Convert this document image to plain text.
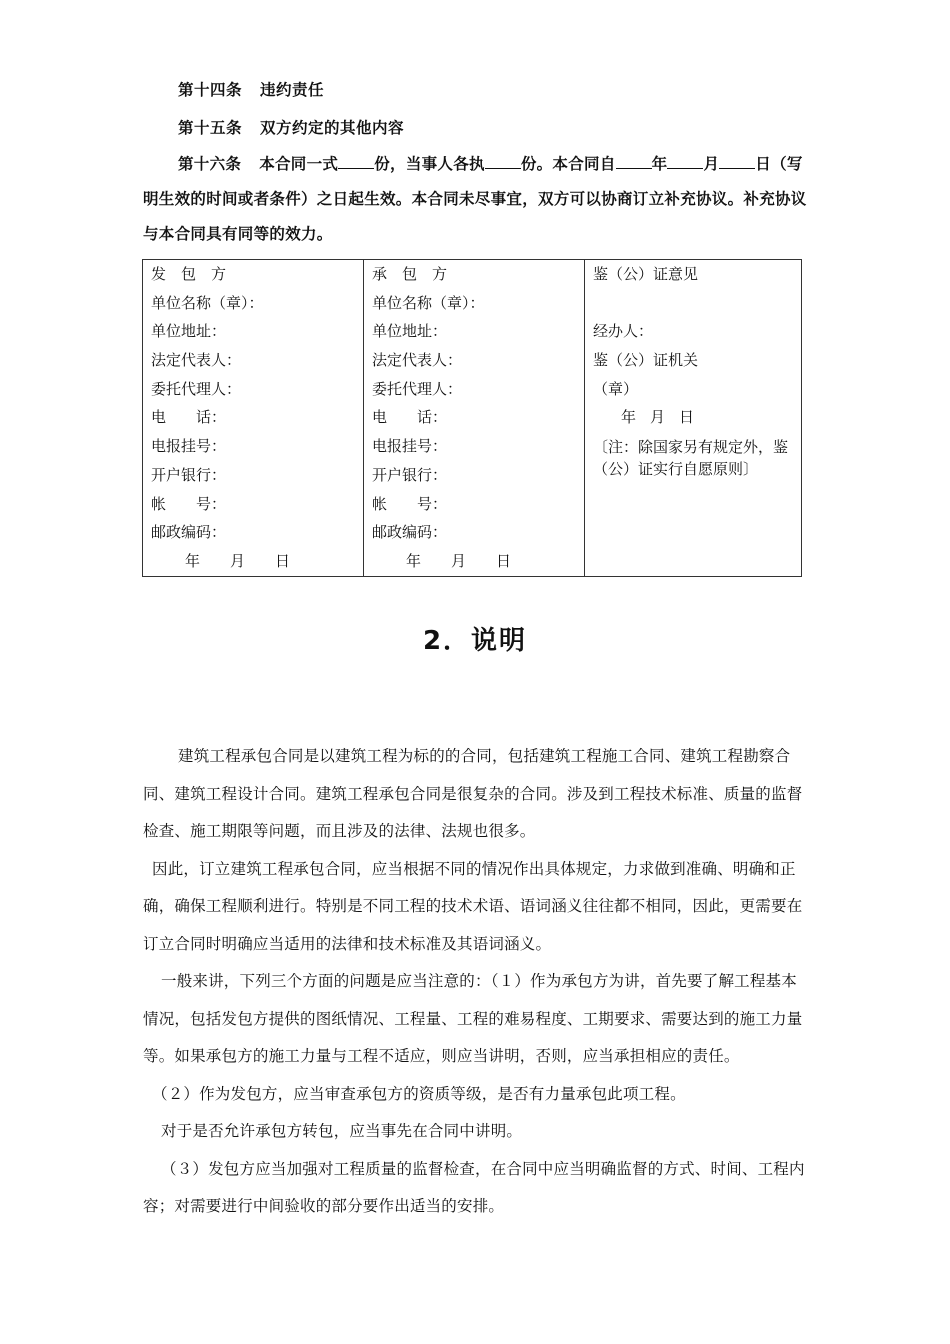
第十四条 违约责任
第十五条 双方约定的其他内容
第十六条 本合同一式 份，当事人各执 份。本合同自 年 月 日（写明生效的时间或者条件）之日起生效。本合同未尽事宜，双方可以协商订立补充协议。补充协议与本合同具有同等的效力。
发　包　方
单位名称（章）：
单位地址：
法定代表人：
委托代理人：
电　　话：
电报挂号：
开户银行：
帐　　号：
邮政编码：
年 月 日

承　包　方
单位名称（章）：
单位地址：
法定代表人：
委托代理人：
电　　话：
电报挂号：
开户银行：
帐　　号：
邮政编码：
年 月 日

鉴（公）证意见
经办人：
鉴（公）证机关
（章）
年 月 日
〔注：除国家另有规定外，鉴（公）证实行自愿原则〕
2．说明

建筑工程承包合同是以建筑工程为标的的合同，包括建筑工程施工合同、建筑工程勘察合同、建筑工程设计合同。建筑工程承包合同是很复杂的合同。涉及到工程技术标准、质量的监督检查、施工期限等问题，而且涉及的法律、法规也很多。

因此，订立建筑工程承包合同，应当根据不同的情况作出具体规定，力求做到准确、明确和正确，确保工程顺利进行。特别是不同工程的技术术语、语词涵义往往都不相同，因此，更需要在订立合同时明确应当适用的法律和技术标准及其语词涵义。

一般来讲，下列三个方面的问题是应当注意的：（１）作为承包方为讲，首先要了解工程基本情况，包括发包方提供的图纸情况、工程量、工程的难易程度、工期要求、需要达到的施工力量等。如果承包方的施工力量与工程不适应，则应当讲明，否则，应当承担相应的责任。

（２）作为发包方，应当审查承包方的资质等级，是否有力量承包此项工程。

对于是否允许承包方转包，应当事先在合同中讲明。

（３）发包方应当加强对工程质量的监督检查，在合同中应当明确监督的方式、时间、工程内容；对需要进行中间验收的部分要作出适当的安排。
